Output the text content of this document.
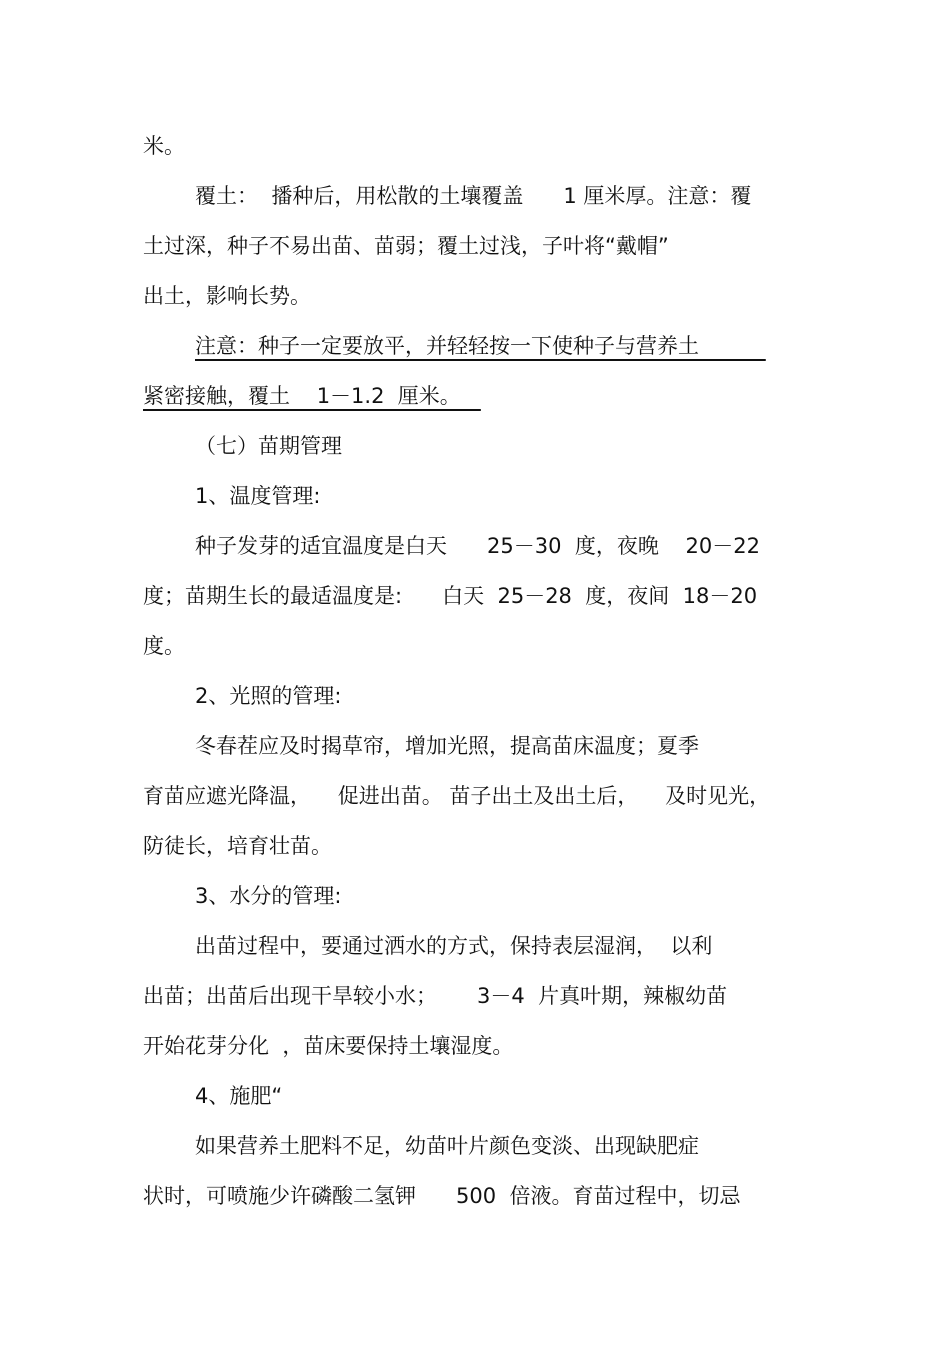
米。
覆土：  播种后，用松散的土壤覆盖      1 厘米厚。注意：覆
土过深，种子不易出苗、苗弱；覆土过浅，子叶将“戴帽”
出土，影响长势。
注意：种子一定要放平，并轻轻按一下使种子与营养土
紧密接触，覆土    1－1.2  厘米。
（七）苗期管理
1、温度管理:
种子发芽的适宜温度是白天      25－30  度，夜晚    20－22
度；苗期生长的最适温度是:      白天  25－28  度，夜间  18－20
度。
2、光照的管理:
冬春茬应及时揭草帘，增加光照，提高苗床温度；夏季
育苗应遮光降温，    促进出苗。 苗子出土及出土后，    及时见光，
防徒长，培育壮苗。
3、水分的管理:
出苗过程中，要通过洒水的方式，保持表层湿润，  以利
出苗；出苗后出现干旱较小水；      3－4  片真叶期，辣椒幼苗
开始花芽分化  ，苗床要保持土壤湿度。
4、施肥“
如果营养土肥料不足，幼苗叶片颜色变淡、出现缺肥症
状时，可喷施少许磷酸二氢钾      500  倍液。育苗过程中，切忌
